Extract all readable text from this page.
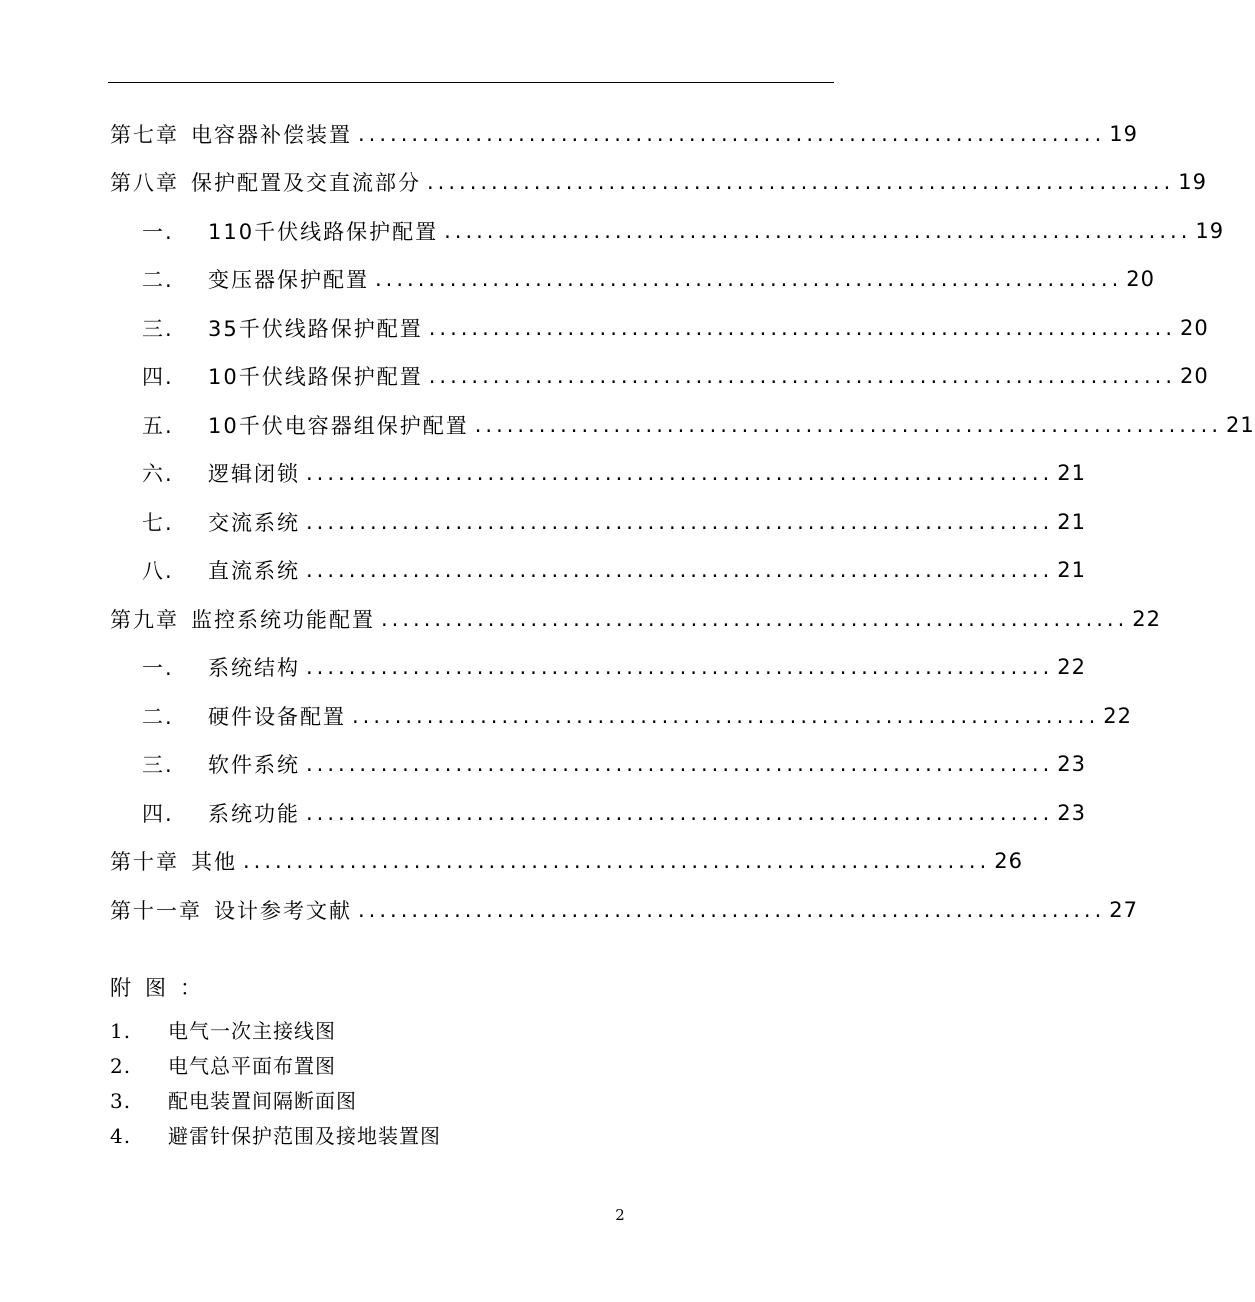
第七章 电容器补偿装置 ...................................................................... 19
第八章 保护配置及交直流部分 ...................................................................... 19
一.	110千伏线路保护配置 ...................................................................... 19
二.	变压器保护配置 ...................................................................... 20
三.	35千伏线路保护配置 ...................................................................... 20
四.	10千伏线路保护配置 ...................................................................... 20
五.	10千伏电容器组保护配置 ...................................................................... 21
六.	逻辑闭锁 ...................................................................... 21
七.	交流系统 ...................................................................... 21
八.	直流系统 ...................................................................... 21
第九章 监控系统功能配置 ...................................................................... 22
一.	系统结构 ...................................................................... 22
二.	硬件设备配置 ...................................................................... 22
三.	软件系统 ...................................................................... 23
四.	系统功能 ...................................................................... 23
第十章 其他 ...................................................................... 26
第十一章 设计参考文献 ...................................................................... 27
附图：
1.	电气一次主接线图
2.	电气总平面布置图
3.	配电装置间隔断面图
4.	避雷针保护范围及接地装置图
2
